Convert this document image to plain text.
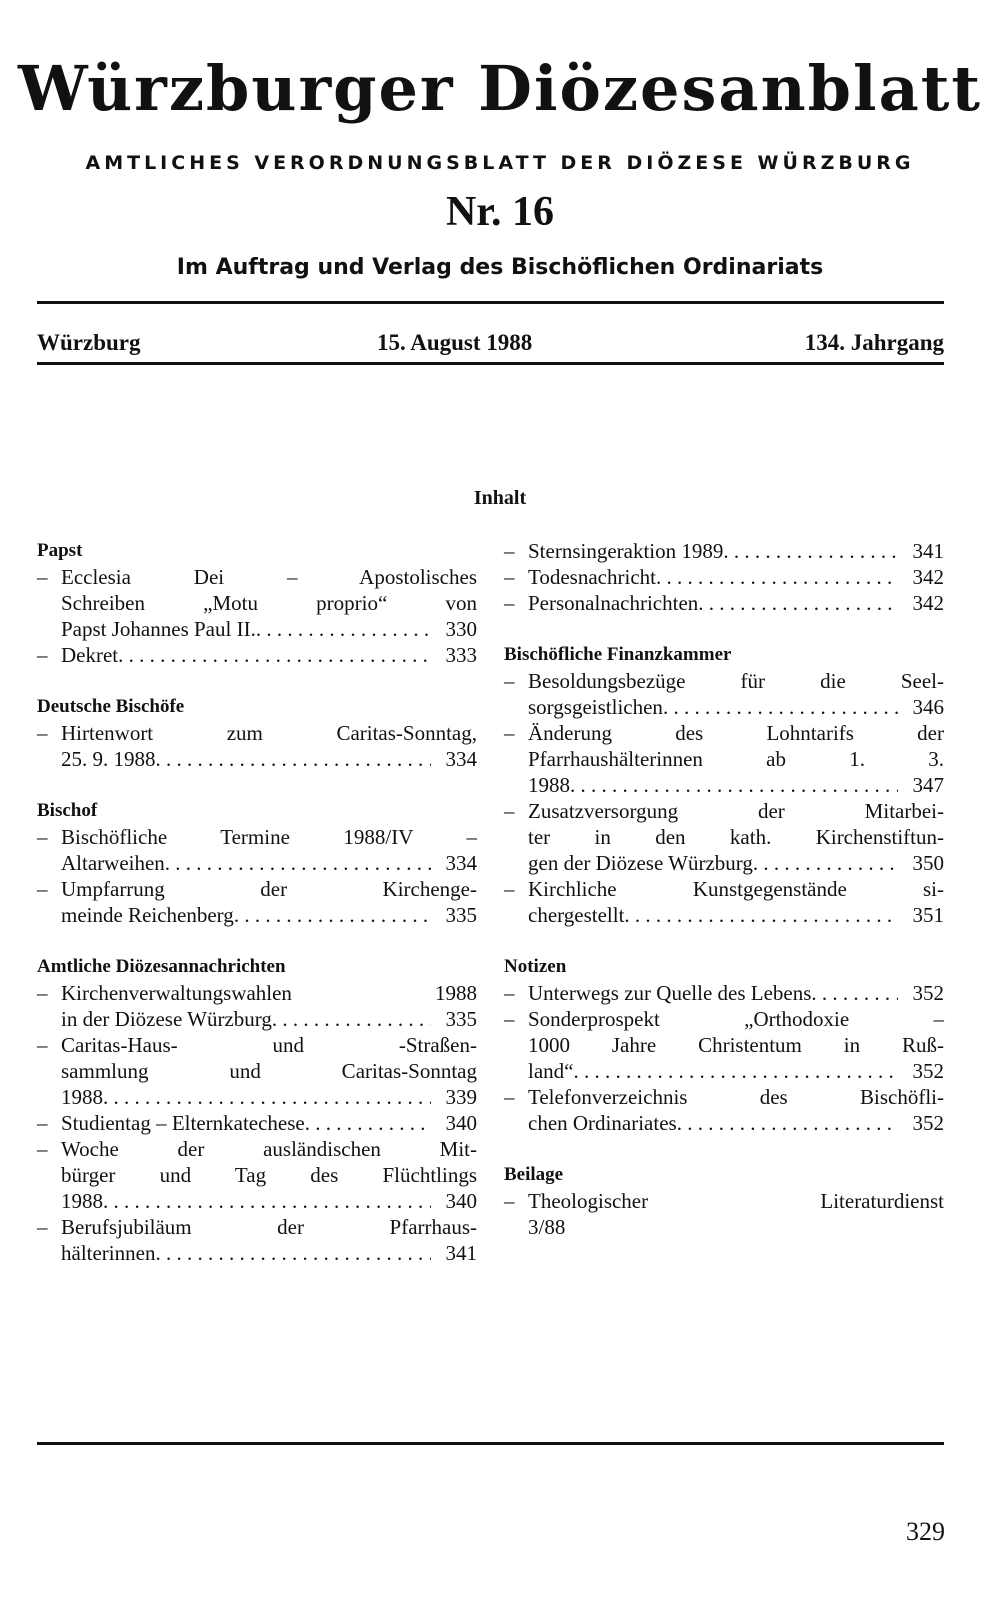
Würzburger Diözesanblatt
AMTLICHES VERORDNUNGSBLATT DER DIÖZESE WÜRZBURG
Nr. 16
Im Auftrag und Verlag des Bischöflichen Ordinariats
Würzburg	15. August 1988	134. Jahrgang
Inhalt
Papst
– Ecclesia Dei – Apostolisches
Schreiben „Motu proprio“ von
Papst Johannes Paul II. . . .	330
– Dekret . . .	333
Deutsche Bischöfe
– Hirtenwort zum Caritas-Sonntag,
25. 9. 1988 . . .	334
Bischof
– Bischöfliche Termine 1988/IV –
Altarweihen . . .	334
– Umpfarrung der Kirchenge-
meinde Reichenberg . . .	335
Amtliche Diözesannachrichten
– Kirchenverwaltungswahlen 1988
in der Diözese Würzburg . . .	335
– Caritas-Haus- und -Straßen-
sammlung und Caritas-Sonntag
1988 . . .	339
– Studientag – Elternkatechese . . .	340
– Woche der ausländischen Mit-
bürger und Tag des Flüchtlings
1988 . . .	340
– Berufsjubiläum der Pfarrhaus-
hälterinnen . . .	341
– Sternsingeraktion 1989 . . .	341
– Todesnachricht . . .	342
– Personalnachrichten . . .	342
Bischöfliche Finanzkammer
– Besoldungsbezüge für die Seel-
sorgsgeistlichen . . .	346
– Änderung des Lohntarifs der
Pfarrhaushälterinnen ab 1. 3.
1988 . . .	347
– Zusatzversorgung der Mitarbei-
ter in den kath. Kirchenstiftun-
gen der Diözese Würzburg . . .	350
– Kirchliche Kunstgegenstände si-
chergestellt . . .	351
Notizen
– Unterwegs zur Quelle des Lebens . . .	352
– Sonderprospekt „Orthodoxie –
1000 Jahre Christentum in Ruß-
land“ . . .	352
– Telefonverzeichnis des Bischöfli-
chen Ordinariates . . .	352
Beilage
– Theologischer Literaturdienst
3/88
329
